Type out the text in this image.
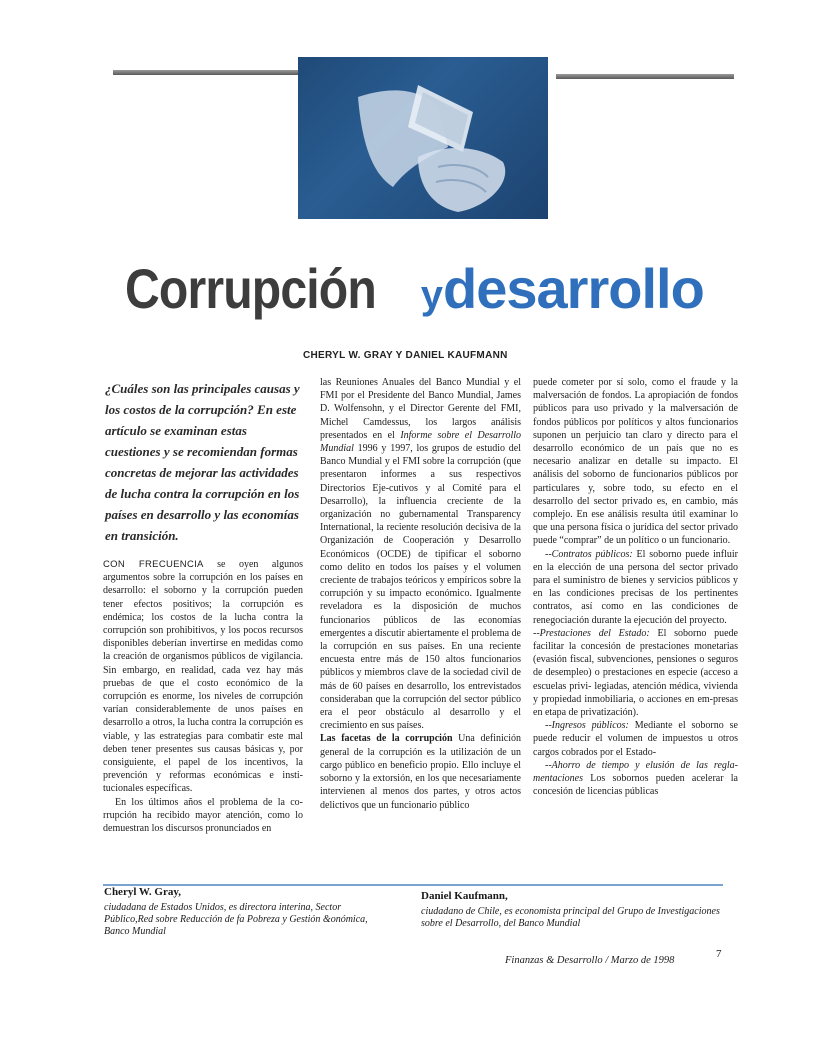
Corrupción ydesarrollo
CHERYL W. GRAY Y DANIEL KAUFMANN
¿Cuáles son las principales causas y los costos de la corrupción? En este artículo se examinan estas cuestiones y se recomiendan formas concretas de mejorar las actividades de lucha contra la corrupción en los países en desarrollo y las economías en transición.

CON FRECUENCIA se oyen algunos argumentos sobre la corrupción en los países en desarrollo: el soborno y la corrupción pueden tener efectos positivos; la corrupción es endémica; los costos de la lucha contra la corrupción son prohibitivos, y los pocos recursos disponibles deberían invertirse en medidas como la creación de organismos públicos de vigilancia. Sin embargo, en realidad, cada vez hay más pruebas de que el costo económico de la corrupción es enorme, los niveles de corrupción varían considerablemente de unos países en desarrollo a otros, la lucha contra la corrupción es viable, y las estrategias para combatir este mal deben tener presentes sus causas básicas y, por consiguiente, el papel de los incentivos, la prevención y reformas económicas e insti-tucionales específicas.

En los últimos años el problema de la co-rrupción ha recibido mayor atención, como lo demuestran los discursos pronunciados en

las Reuniones Anuales del Banco Mundial y el FMI por el Presidente del Banco Mundial, James D. Wolfensohn, y el Director Gerente del FMI, Michel Camdessus, los largos análisis presentados en el Informe sobre el Desarrollo Mundial 1996 y 1997, los grupos de estudio del Banco Mundial y el FMI sobre la corrupción (que presentaron informes a sus respectivos Directorios Eje-cutivos y al Comité para el Desarrollo), la influencia creciente de la organización no gubernamental Transparency International, la reciente resolución decisiva de la Organización de Cooperación y Desarrollo Económicos (OCDE) de tipificar el soborno como delito en todos los países y el volumen creciente de trabajos teóricos y empíricos sobre la corrupción y su impacto económico. Igualmente reveladora es la disposición de muchos funcionarios públicos de las economías emergentes a discutir abiertamente el problema de la corrupción en sus países. En una reciente encuesta entre más de 150 altos funcionarios públicos y miembros clave de la sociedad civil de más de 60 países en desarrollo, los entrevistados consideraban que la corrupción del sector público era el peor obstáculo al desarrollo y el crecimiento en sus países.

Las facetas de la corrupción Una definición general de la corrupción es la utilización de un cargo público en beneficio propio. Ello incluye el soborno y la extorsión, en los que necesariamente intervienen al menos dos partes, y otros actos delictivos que un funcionario público

puede cometer por sí solo, como el fraude y la malversación de fondos. La apropiación de fondos públicos para uso privado y la malversación de fondos públicos por políticos y altos funcionarios suponen un perjuicio tan claro y directo para el desarrollo económico de un país que no es necesario analizar en detalle su impacto. El análisis del soborno de funcionarios públicos por particulares y, sobre todo, su efecto en el desarrollo del sector privado es, en cambio, más complejo. En ese análisis resulta útil examinar lo que una persona física o jurídica del sector privado puede “comprar” de un político o un funcionario.

--Contratos públicos: El soborno puede influir en la elección de una persona del sector privado para el suministro de bienes y servicios públicos y en las condiciones precisas de los pertinentes contratos, así como en las condiciones de renegociación durante la ejecución del proyecto.

--Prestaciones del Estado: El soborno puede facilitar la concesión de prestaciones monetarias (evasión fiscal, subvenciones, pensiones o seguros de desempleo) o prestaciones en especie (acceso a escuelas privi- legiadas, atención médica, vivienda y propiedad inmobiliaria, o acciones en em-presas en etapa de privatización).

--Ingresos públicos: Mediante el soborno se puede reducir el volumen de impuestos u otros cargos cobrados por el Estado-

--Ahorro de tiempo y elusión de las regla-mentaciones Los sobornos pueden acelerar la concesión de licencias públicas

Cheryl W. Gray,
ciudadana de Estados Unidos, es directora interina, Sector Público,Red sobre Reducción de fa Pobreza y Gestión &onómica, Banco Mundial
Daniel Kaufmann,
ciudadano de Chile, es economista principal del Grupo de Investigaciones sobre el Desarrollo, del Banco Mundial
Finanzas & Desarrollo / Marzo de 1998
7
